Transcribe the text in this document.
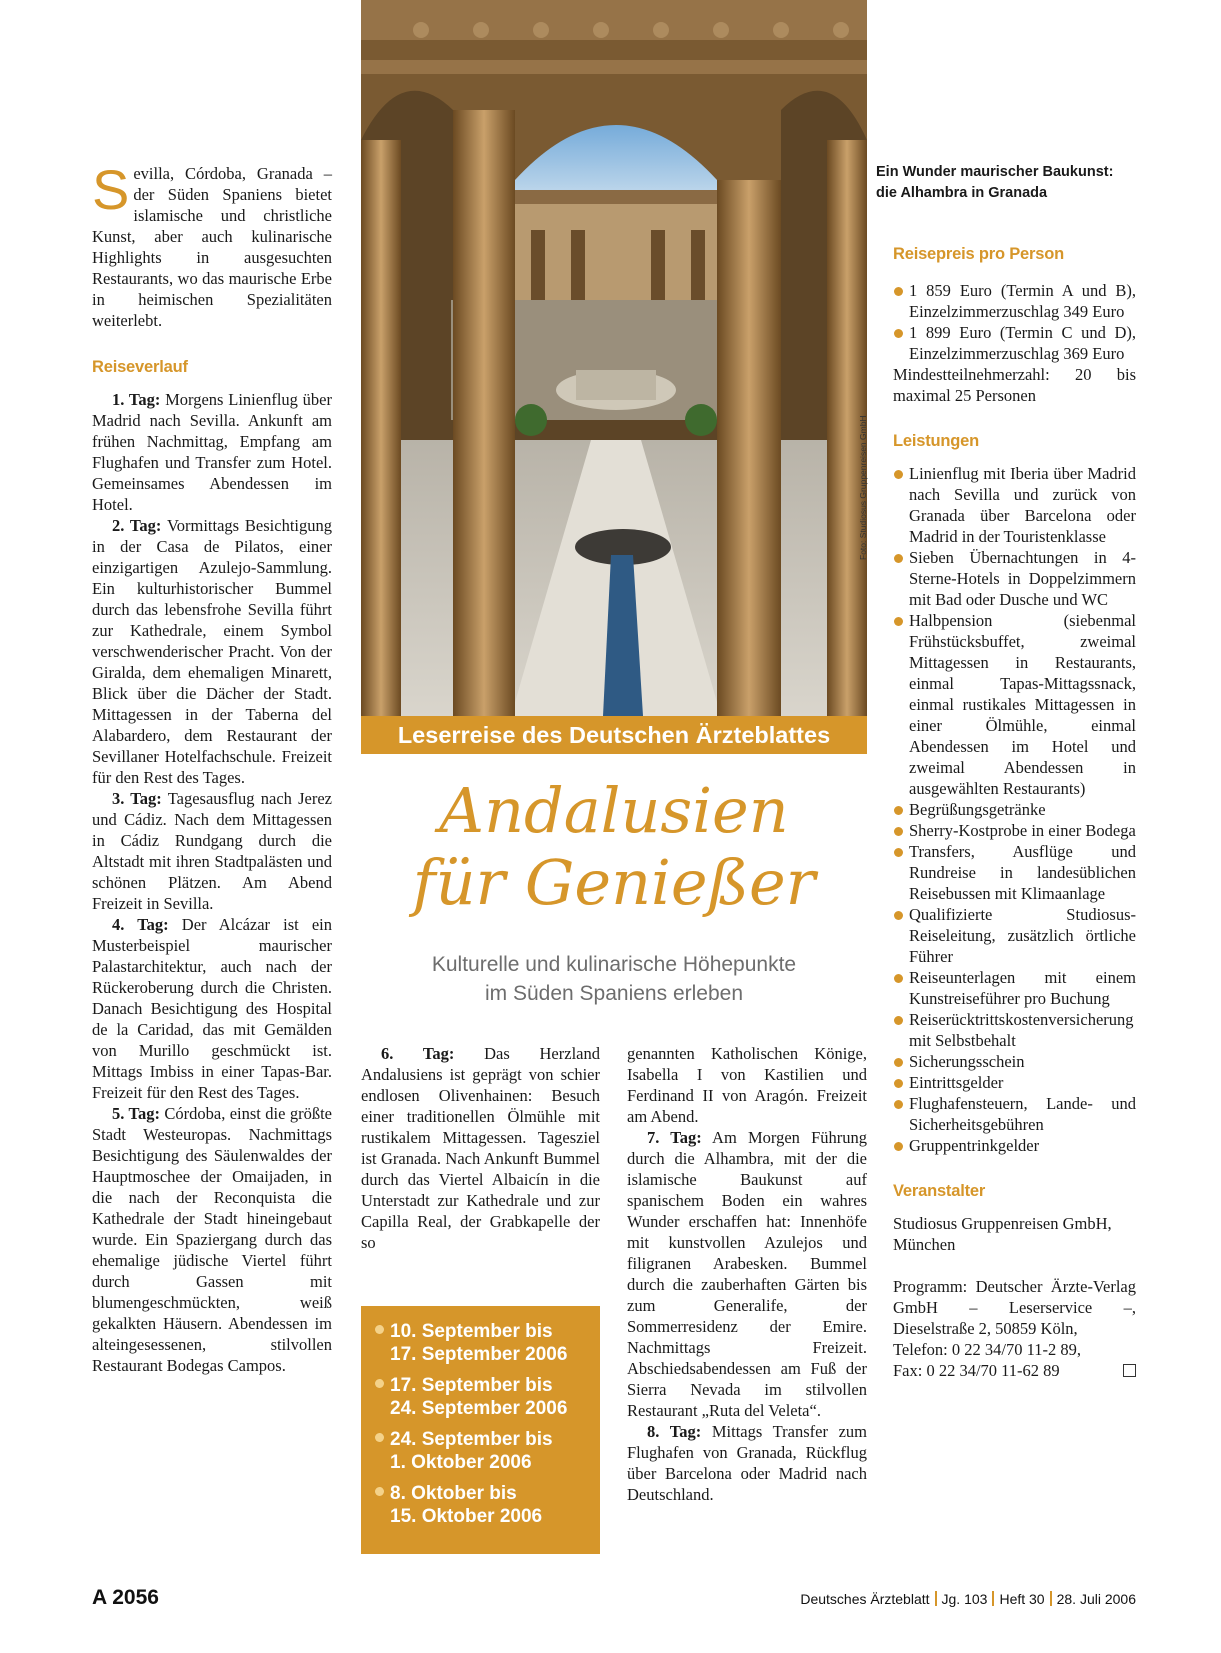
Sevilla, Córdoba, Granada – der Süden Spaniens bietet islamische und christliche Kunst, aber auch kulinarische Highlights in ausgesuchten Restaurants, wo das maurische Erbe in heimischen Spezialitäten weiterlebt.

Reiseverlauf

1. Tag: Morgens Linienflug über Madrid nach Sevilla. Ankunft am frühen Nachmittag, Empfang am Flughafen und Transfer zum Hotel. Gemeinsames Abendessen im Hotel.

2. Tag: Vormittags Besichtigung in der Casa de Pilatos, einer einzigartigen Azulejo-Sammlung. Ein kulturhistorischer Bummel durch das lebensfrohe Sevilla führt zur Kathedrale, einem Symbol verschwenderischer Pracht. Von der Giralda, dem ehemaligen Minarett, Blick über die Dächer der Stadt. Mittagessen in der Taberna del Alabardero, dem Restaurant der Sevillaner Hotelfachschule. Freizeit für den Rest des Tages.

3. Tag: Tagesausflug nach Jerez und Cádiz. Nach dem Mittagessen in Cádiz Rundgang durch die Altstadt mit ihren Stadtpalästen und schönen Plätzen. Am Abend Freizeit in Sevilla.

4. Tag: Der Alcázar ist ein Musterbeispiel maurischer Palastarchitektur, auch nach der Rückeroberung durch die Christen. Danach Besichtigung des Hospital de la Caridad, das mit Gemälden von Murillo geschmückt ist. Mittags Imbiss in einer Tapas-Bar. Freizeit für den Rest des Tages.

5. Tag: Córdoba, einst die größte Stadt Westeuropas. Nachmittags Besichtigung des Säulenwaldes der Hauptmoschee der Omaijaden, in die nach der Reconquista die Kathedrale der Stadt hineingebaut wurde. Ein Spaziergang durch das ehemalige jüdische Viertel führt durch Gassen mit blumengeschmückten, weiß gekalkten Häusern. Abendessen im alteingesessenen, stilvollen Restaurant Bodegas Campos.

Foto: Studiosus Gruppenreisen GmbH
Leserreise des Deutschen Ärzteblattes
Andalusien
für Genießer
Kulturelle und kulinarische Höhepunkte
im Süden Spaniens erleben

6. Tag: Das Herzland Andalusiens ist geprägt von schier endlosen Olivenhainen: Besuch einer traditionellen Ölmühle mit rustikalem Mittagessen. Tagesziel ist Granada. Nach Ankunft Bummel durch das Viertel Albaicín in die Unterstadt zur Kathedrale und zur Capilla Real, der Grabkapelle der so

10. September bis
17. September 2006
17. September bis
24. September 2006
24. September bis
1. Oktober 2006
8. Oktober bis
15. Oktober 2006

genannten Katholischen Könige, Isabella I von Kastilien und Ferdinand II von Aragón. Freizeit am Abend.

7. Tag: Am Morgen Führung durch die Alhambra, mit der die islamische Baukunst auf spanischem Boden ein wahres Wunder erschaffen hat: Innenhöfe mit kunstvollen Azulejos und filigranen Arabesken. Bummel durch die zauberhaften Gärten bis zum Generalife, der Sommerresidenz der Emire. Nachmittags Freizeit. Abschiedsabendessen am Fuß der Sierra Nevada im stilvollen Restaurant „Ruta del Veleta“.

8. Tag: Mittags Transfer zum Flughafen von Granada, Rückflug über Barcelona oder Madrid nach Deutschland.

Ein Wunder maurischer Baukunst: die Alhambra in Granada
Reisepreis pro Person
1 859 Euro (Termin A und B), Einzelzimmerzuschlag 349 Euro
1 899 Euro (Termin C und D), Einzelzimmerzuschlag 369 Euro

Mindestteilnehmerzahl: 20 bis maximal 25 Personen

Leistungen
Linienflug mit Iberia über Madrid nach Sevilla und zurück von Granada über Barcelona oder Madrid in der Touristenklasse
Sieben Übernachtungen in 4-Sterne-Hotels in Doppelzimmern mit Bad oder Dusche und WC
Halbpension (siebenmal Frühstücksbuffet, zweimal Mittagessen in Restaurants, einmal Tapas-Mittagssnack, einmal rustikales Mittagessen in einer Ölmühle, einmal Abendessen im Hotel und zweimal Abendessen in ausgewählten Restaurants)
Begrüßungsgetränke
Sherry-Kostprobe in einer Bodega
Transfers, Ausflüge und Rundreise in landesüblichen Reisebussen mit Klimaanlage
Qualifizierte Studiosus-Reiseleitung, zusätzlich örtliche Führer
Reiseunterlagen mit einem Kunstreiseführer pro Buchung
Reiserücktrittskostenversicherung mit Selbstbehalt
Sicherungsschein
Eintrittsgelder
Flughafensteuern, Lande- und Sicherheitsgebühren
Gruppentrinkgelder
Veranstalter

Studiosus Gruppenreisen GmbH, München

Programm: Deutscher Ärzte-Verlag GmbH – Leserservice –, Dieselstraße 2, 50859 Köln,

Telefon: 0 22 34/70 11-2 89,

Fax: 0 22 34/70 11-62 89

A 2056	Deutsches Ärzteblatt Jg. 103 Heft 30 28. Juli 2006
